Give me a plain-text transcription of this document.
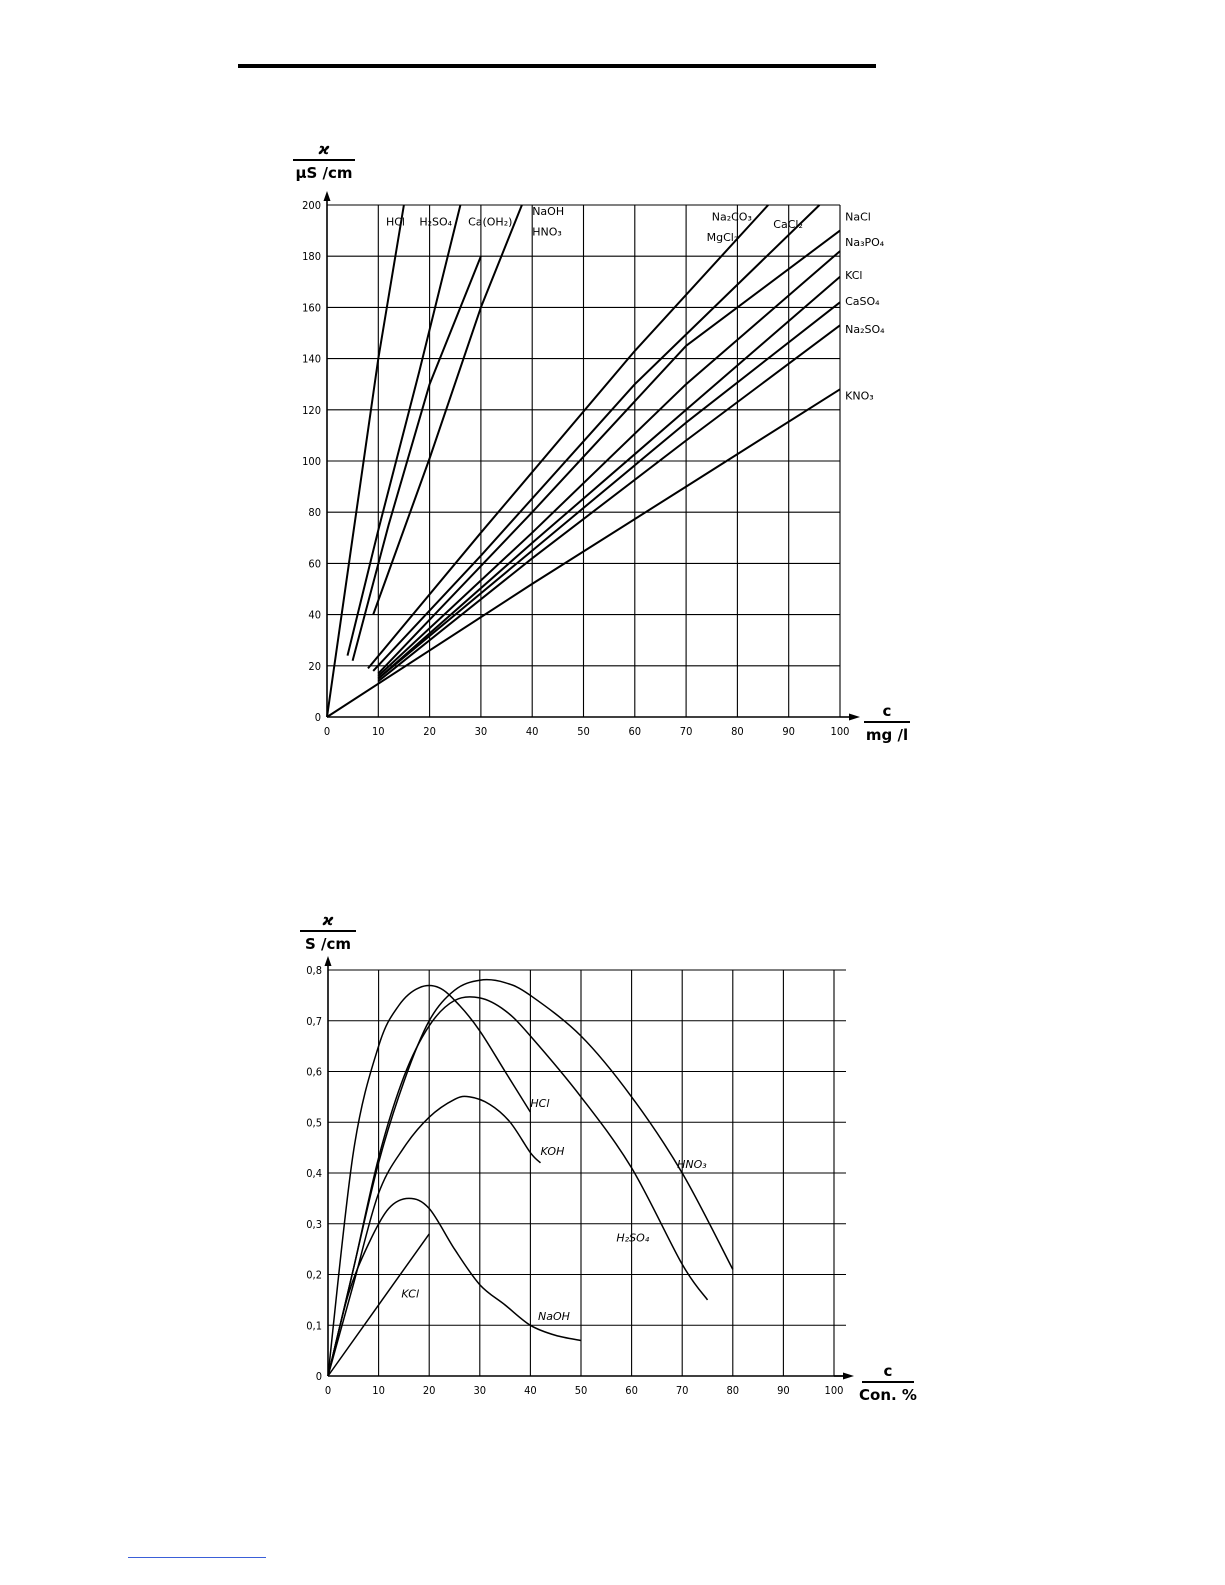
0	10	20	30	40	50	60	70	80	90	100
0
20
40
60
80
100
120
140
160
180
200
ϰ
μS /cm
c
mg /l
HCl H₂SO₄ Ca(OH₂)
NaOH
HNO₃
Na₂CO₃
MgCl₂
CaCl₂
NaCl
Na₃PO₄
KCl
CaSO₄
Na₂SO₄
KNO₃
0	10	20	30	40	50	60	70	80	90	100
0
0,1
0,2
0,3
0,4
0,5
0,6
0,7
0,8
ϰ
S /cm
c
Con. %
HCl
KOH
HNO₃
H₂SO₄
KCl
NaOH
